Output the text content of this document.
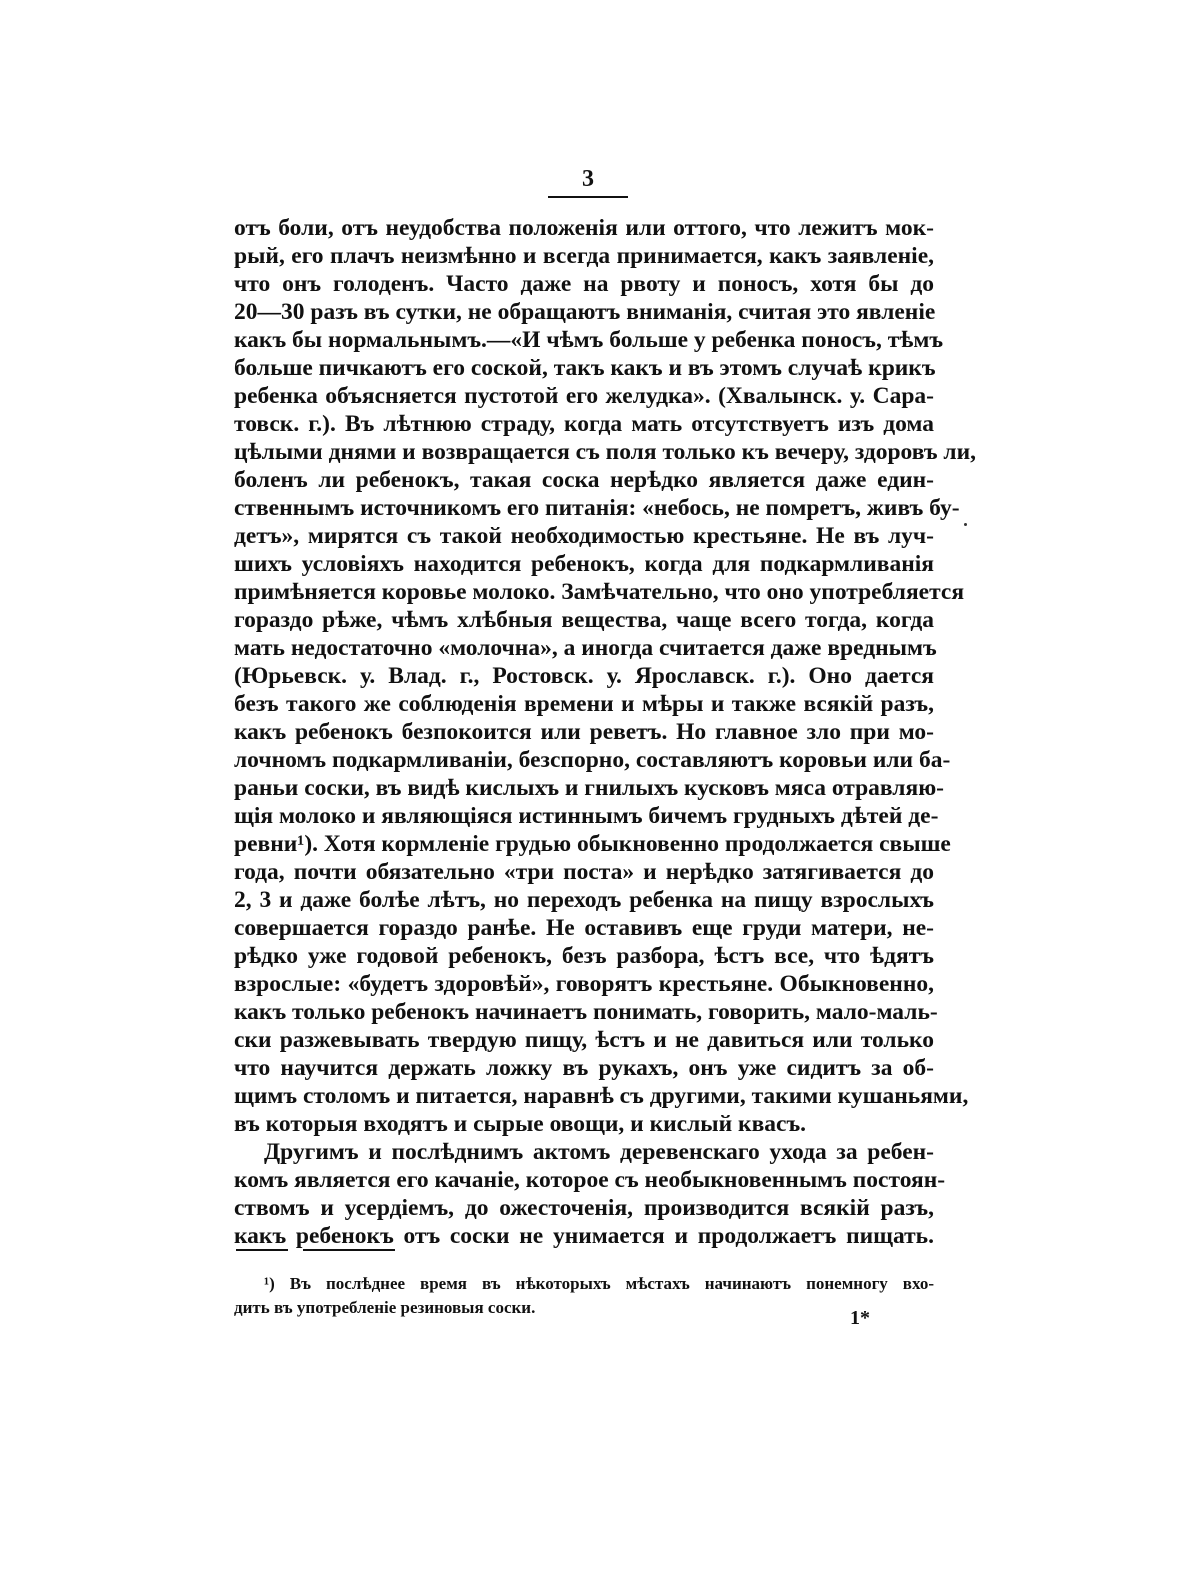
3

отъ боли, отъ неудобства положенія или оттого, что лежитъ мок-
рый, его плачъ неизмѣнно и всегда принимается, какъ заявленіе,
что онъ голоденъ. Часто даже на рвоту и поносъ, хотя бы до
20—30 разъ въ сутки, не обращаютъ вниманія, считая это явленіе
какъ бы нормальнымъ.—«И чѣмъ больше у ребенка поносъ, тѣмъ
больше пичкаютъ его соской, такъ какъ и въ этомъ случаѣ крикъ
ребенка объясняется пустотой его желудка». (Хвалынск. у. Сара-
товск. г.). Въ лѣтнюю страду, когда мать отсутствуетъ изъ дома
цѣлыми днями и возвращается съ поля только къ вечеру, здоровъ ли,
боленъ ли ребенокъ, такая соска нерѣдко является даже един-
ственнымъ источникомъ его питанія: «небось, не помретъ, живъ бу-
детъ», мирятся съ такой необходимостью крестьяне. Не въ луч-
шихъ условіяхъ находится ребенокъ, когда для подкармливанія
примѣняется коровье молоко. Замѣчательно, что оно употребляется
гораздо рѣже, чѣмъ хлѣбныя вещества, чаще всего тогда, когда
мать недостаточно «молочна», а иногда считается даже вреднымъ
(Юрьевск. у. Влад. г., Ростовск. у. Ярославск. г.). Оно дается
безъ такого же соблюденія времени и мѣры и также всякій разъ,
какъ ребенокъ безпокоится или реветъ. Но главное зло при мо-
лочномъ подкармливаніи, безспорно, составляютъ коровьи или ба-
раньи соски, въ видѣ кислыхъ и гнилыхъ кусковъ мяса отравляю-
щія молоко и являющіяся истиннымъ бичемъ грудныхъ дѣтей де-
ревни¹). Хотя кормленіе грудью обыкновенно продолжается свыше
года, почти обязательно «три поста» и нерѣдко затягивается до
2, 3 и даже болѣе лѣтъ, но переходъ ребенка на пищу взрослыхъ
совершается гораздо ранѣе. Не оставивъ еще груди матери, не-
рѣдко уже годовой ребенокъ, безъ разбора, ѣстъ все, что ѣдятъ
взрослые: «будетъ здоровѣй», говорятъ крестьяне. Обыкновенно,
какъ только ребенокъ начинаетъ понимать, говорить, мало-маль-
ски разжевывать твердую пищу, ѣстъ и не давиться или только
что научится держать ложку въ рукахъ, онъ уже сидитъ за об-
щимъ столомъ и питается, наравнѣ съ другими, такими кушаньями,
въ которыя входятъ и сырые овощи, и кислый квасъ.

Другимъ и послѣднимъ актомъ деревенскаго ухода за ребен-
комъ является его качаніе, которое съ необыкновеннымъ постоян-
ствомъ и усердіемъ, до ожесточенія, производится всякій разъ,
какъ ребенокъ отъ соски не унимается и продолжаетъ пищать.

¹) Въ послѣднее время въ нѣкоторыхъ мѣстахъ начинаютъ понемногу вхо-
дить въ употребленіе резиновыя соски.	1*
